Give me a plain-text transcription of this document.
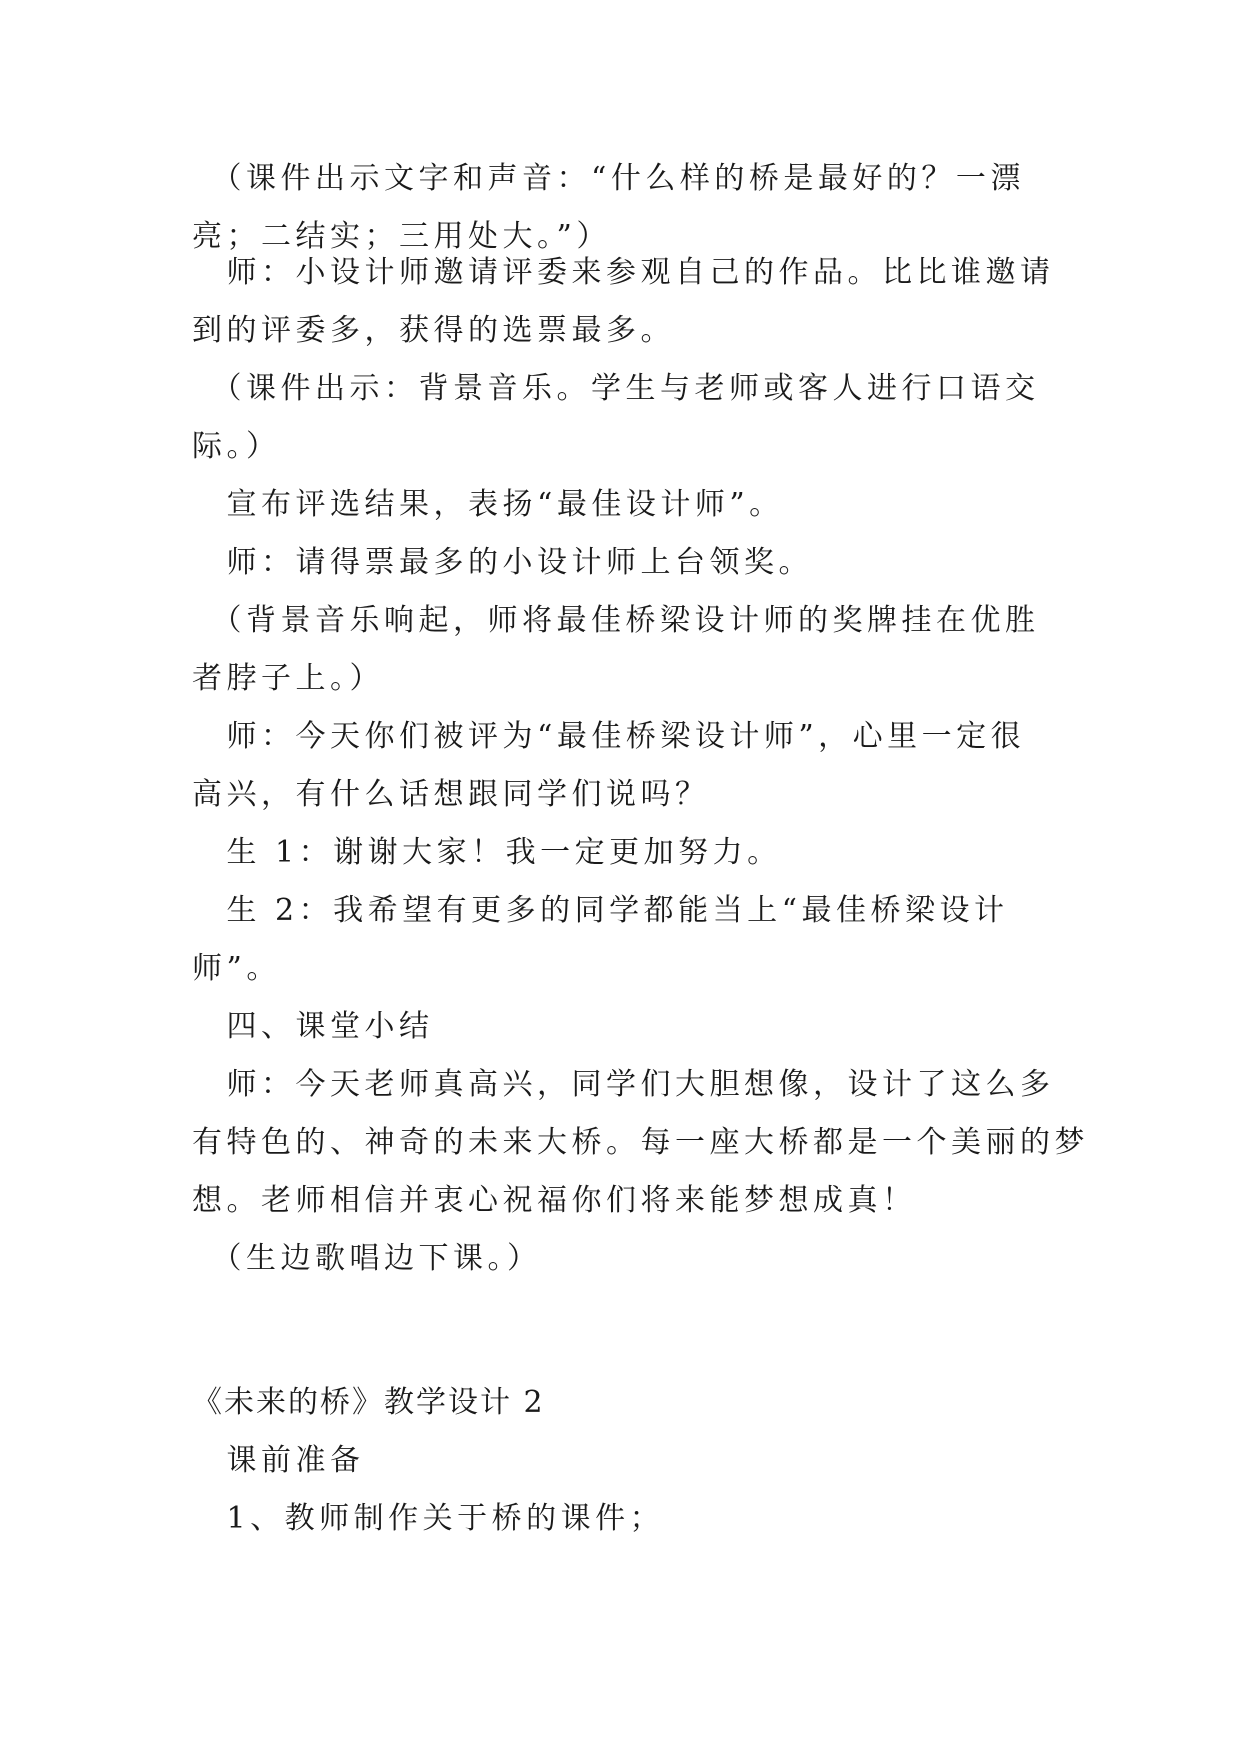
　（课件出示文字和声音：“什么样的桥是最好的？一漂
亮；二结实；三用处大。”）
　师：小设计师邀请评委来参观自己的作品。比比谁邀请
到的评委多，获得的选票最多。
　（课件出示：背景音乐。学生与老师或客人进行口语交
际。）
　宣布评选结果，表扬“最佳设计师”。
　师：请得票最多的小设计师上台领奖。
　（背景音乐响起，师将最佳桥梁设计师的奖牌挂在优胜
者脖子上。）
　师：今天你们被评为“最佳桥梁设计师”，心里一定很
高兴，有什么话想跟同学们说吗？
　生 1：谢谢大家！我一定更加努力。
　生 2：我希望有更多的同学都能当上“最佳桥梁设计
师”。
　四、课堂小结
　师：今天老师真高兴，同学们大胆想像，设计了这么多
有特色的、神奇的未来大桥。每一座大桥都是一个美丽的梦
想。老师相信并衷心祝福你们将来能梦想成真！
　（生边歌唱边下课。）
《未来的桥》教学设计 2
　课前准备
　1、教师制作关于桥的课件；
